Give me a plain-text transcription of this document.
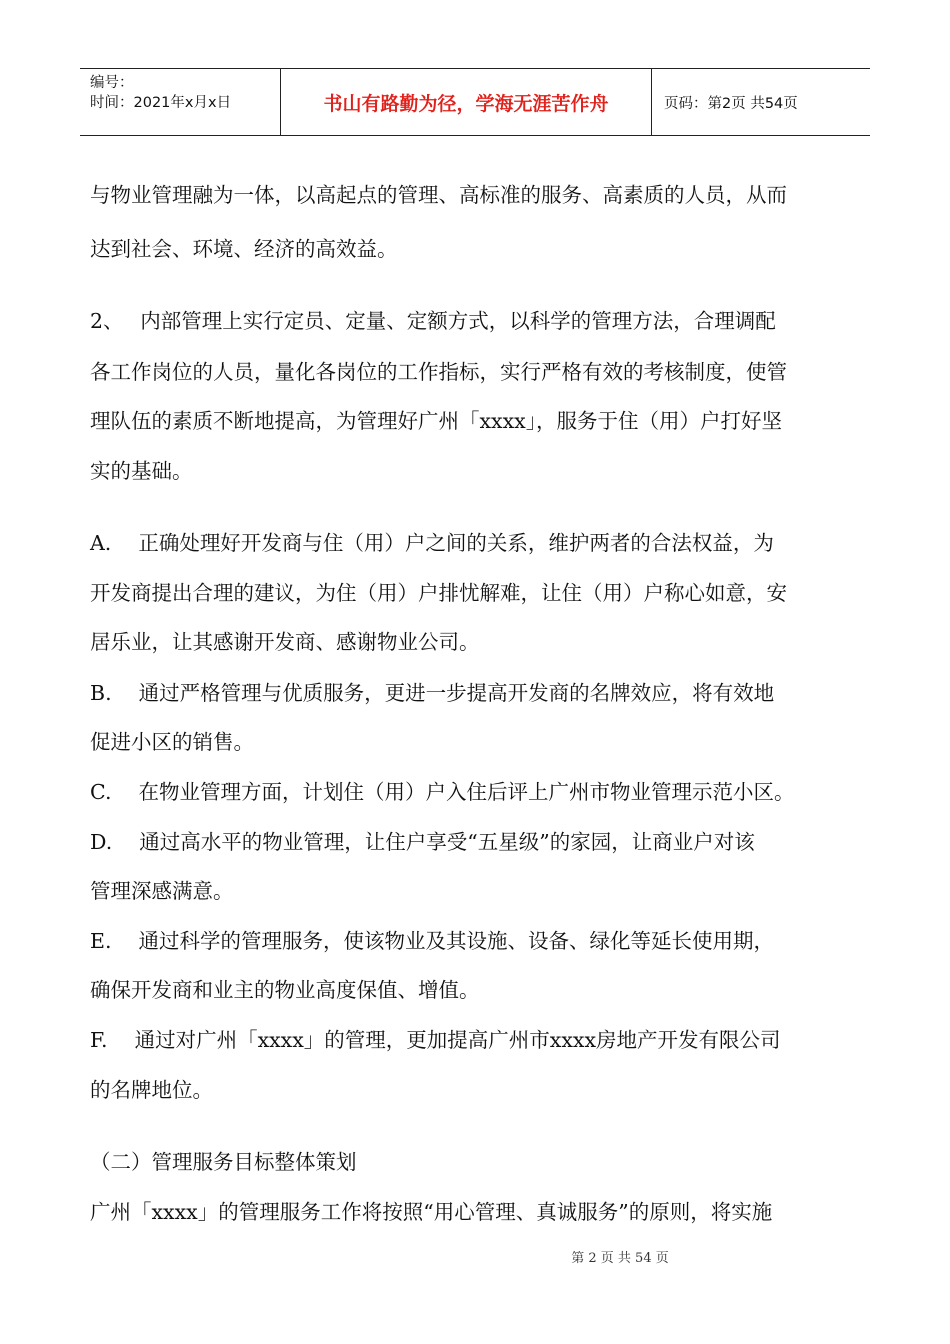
编号：
时间：2021年x月x日	书山有路勤为径，学海无涯苦作舟	页码：第2页 共54页
与物业管理融为一体，以高起点的管理、高标准的服务、高素质的人员，从而
达到社会、环境、经济的高效益。
2、　 内部管理上实行定员、定量、定额方式，以科学的管理方法，合理调配
各工作岗位的人员，量化各岗位的工作指标，实行严格有效的考核制度，使管
理队伍的素质不断地提高，为管理好广州「xxxx」，服务于住（用）户打好坚
实的基础。
A.　 正确处理好开发商与住（用）户之间的关系，维护两者的合法权益，为
开发商提出合理的建议，为住（用）户排忧解难，让住（用）户称心如意，安
居乐业，让其感谢开发商、感谢物业公司。
B.　 通过严格管理与优质服务，更进一步提高开发商的名牌效应，将有效地
促进小区的销售。
C.　 在物业管理方面，计划住（用）户入住后评上广州市物业管理示范小区。
D.　 通过高水平的物业管理，让住户享受“五星级”的家园，让商业户对该
管理深感满意。
E.　 通过科学的管理服务，使该物业及其设施、设备、绿化等延长使用期，
确保开发商和业主的物业高度保值、增值。
F.　 通过对广州「xxxx」的管理，更加提高广州市xxxx房地产开发有限公司
的名牌地位。
（二）管理服务目标整体策划
广州「xxxx」的管理服务工作将按照“用心管理、真诚服务”的原则，将实施
第 2 页 共 54 页
